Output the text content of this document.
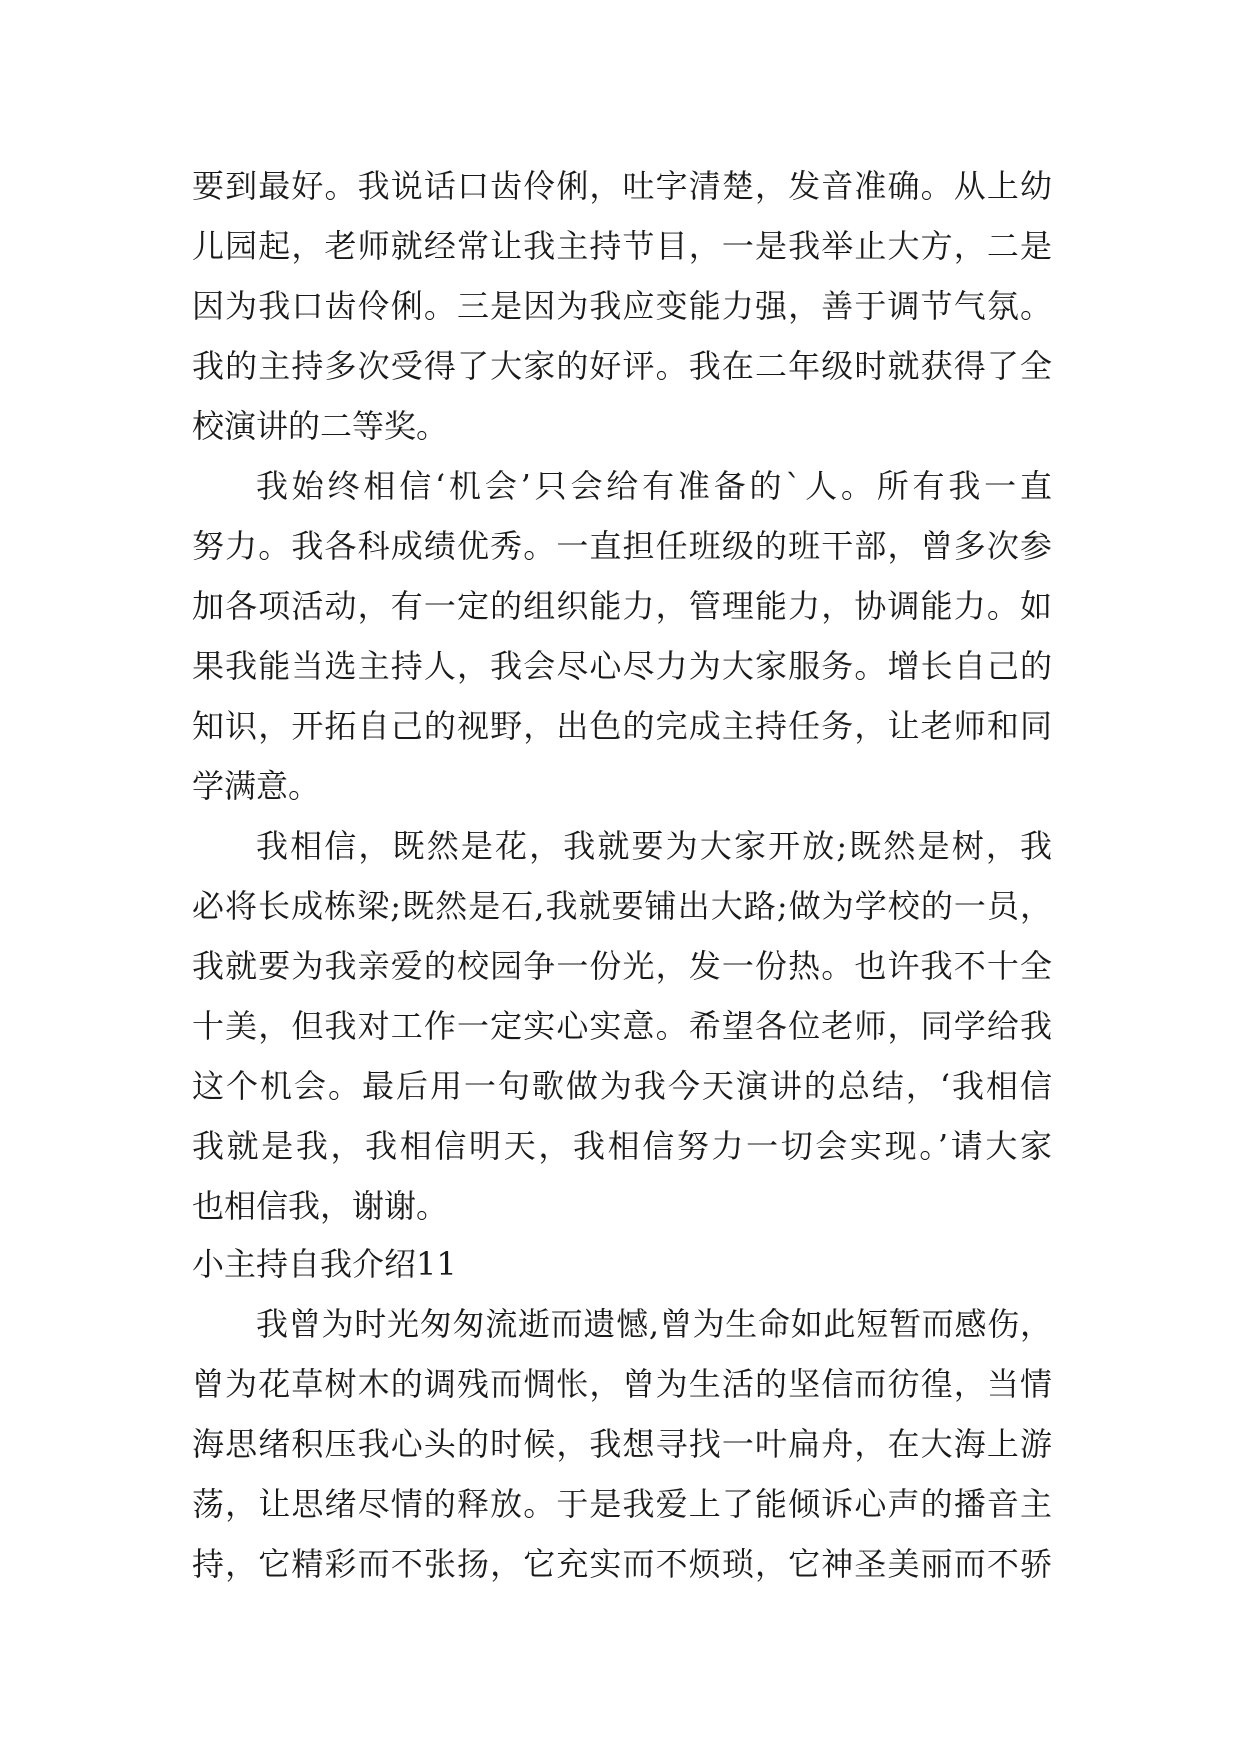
要到最好。我说话口齿伶俐，吐字清楚，发音准确。从上幼
儿园起，老师就经常让我主持节目，一是我举止大方，二是
因为我口齿伶俐。三是因为我应变能力强，善于调节气氛。
我的主持多次受得了大家的好评。我在二年级时就获得了全
校演讲的二等奖。
我始终相信‘机会’只会给有准备的`人。所有我一直
努力。我各科成绩优秀。一直担任班级的班干部，曾多次参
加各项活动，有一定的组织能力，管理能力，协调能力。如
果我能当选主持人，我会尽心尽力为大家服务。增长自己的
知识，开拓自己的视野，出色的完成主持任务，让老师和同
学满意。
我相信，既然是花，我就要为大家开放;既然是树，我
必将长成栋梁;既然是石,我就要铺出大路;做为学校的一员，
我就要为我亲爱的校园争一份光，发一份热。也许我不十全
十美，但我对工作一定实心实意。希望各位老师，同学给我
这个机会。最后用一句歌做为我今天演讲的总结，‘我相信
我就是我，我相信明天，我相信努力一切会实现。’请大家
也相信我，谢谢。
小主持自我介绍11
我曾为时光匆匆流逝而遗憾,曾为生命如此短暂而感伤，
曾为花草树木的调残而惆怅，曾为生活的坚信而彷徨，当情
海思绪积压我心头的时候，我想寻找一叶扁舟，在大海上游
荡，让思绪尽情的释放。于是我爱上了能倾诉心声的播音主
持，它精彩而不张扬，它充实而不烦琐，它神圣美丽而不骄
